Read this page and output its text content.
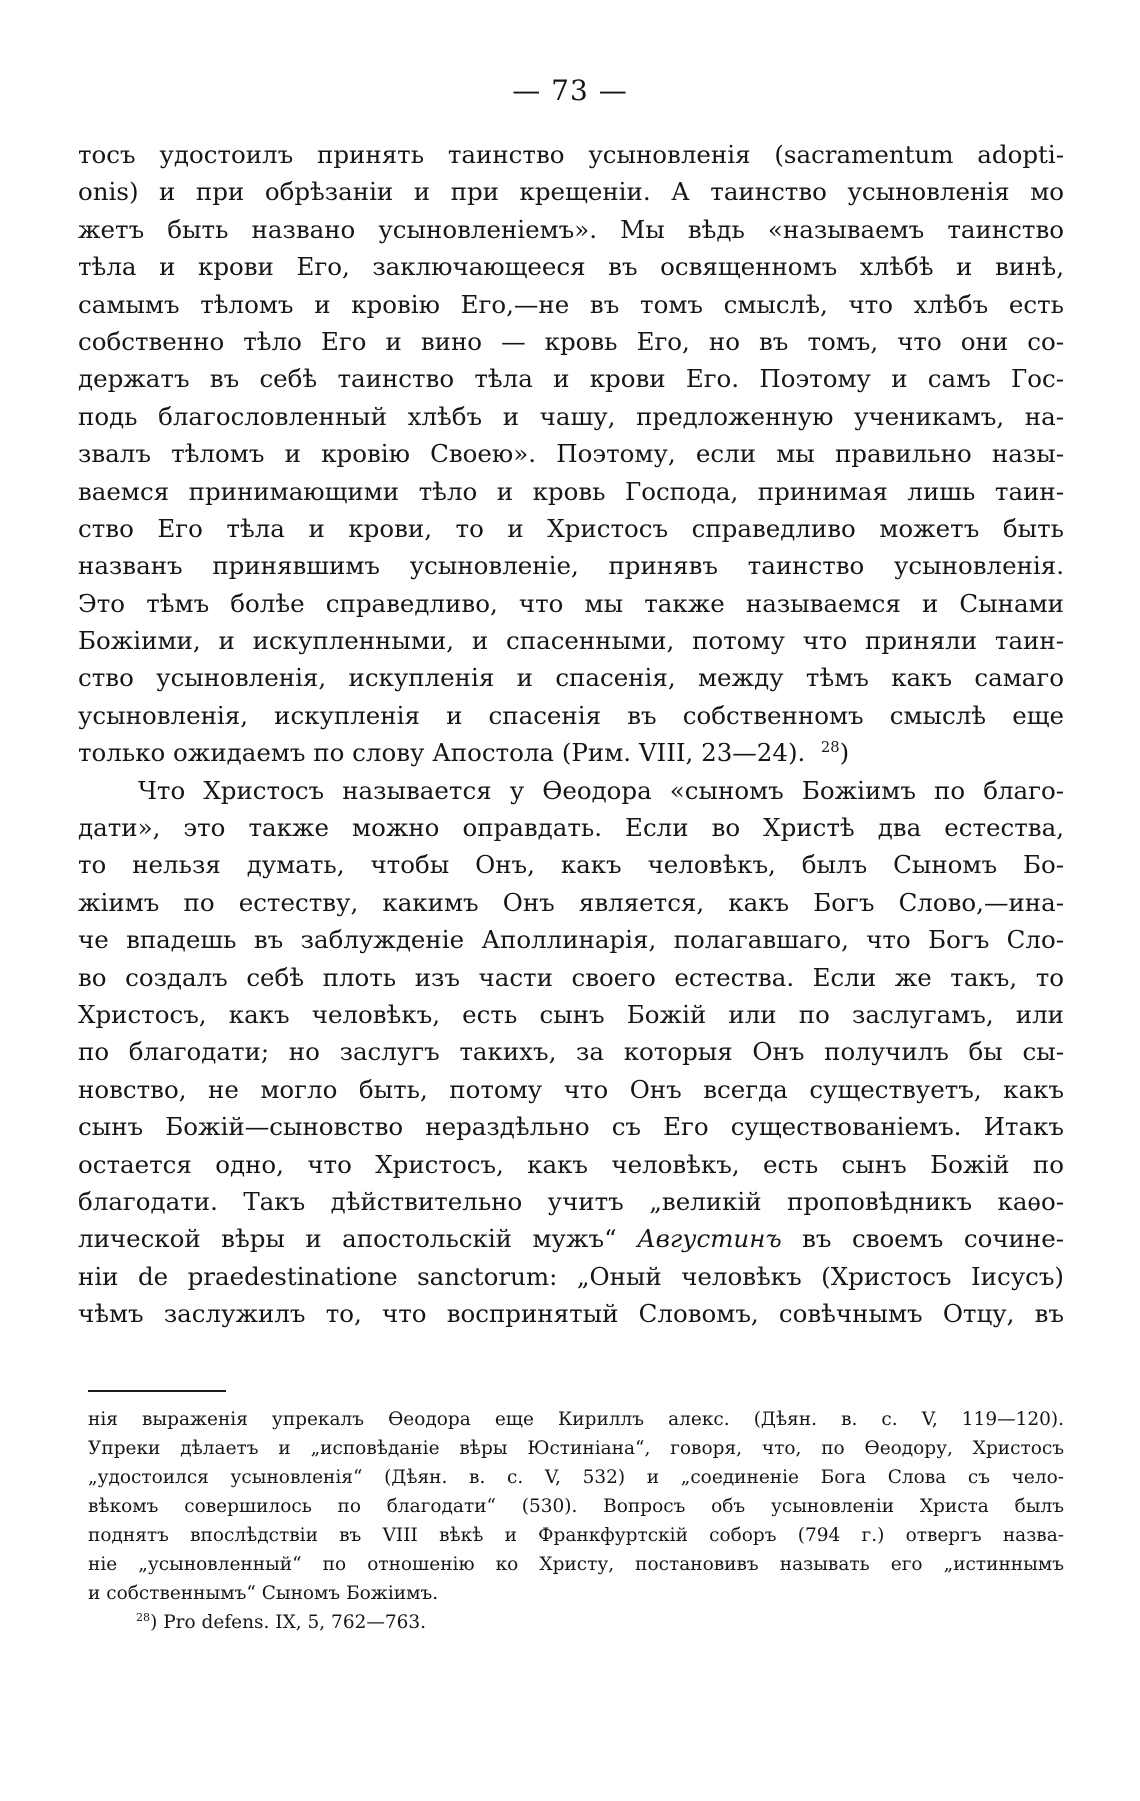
— 73 —
тосъ удостоилъ принять таинство усыновленія (sacramentum adopti-
onis) и при обрѣзаніи и при крещеніи. А таинство усыновленія мо
жетъ быть названо усыновленіемъ». Мы вѣдь «называемъ таинство
тѣла и крови Его, заключающееся въ освященномъ хлѣбѣ и винѣ,
самымъ тѣломъ и кровію Его,—не въ томъ смыслѣ, что хлѣбъ есть
собственно тѣло Его и вино — кровь Его, но въ томъ, что они со-
держатъ въ себѣ таинство тѣла и крови Его. Поэтому и самъ Гос-
подь благословленный хлѣбъ и чашу, предложенную ученикамъ, на-
звалъ тѣломъ и кровію Своею». Поэтому, если мы правильно назы-
ваемся принимающими тѣло и кровь Господа, принимая лишь таин-
ство Его тѣла и крови, то и Христосъ справедливо можетъ быть
названъ принявшимъ усыновленіе, принявъ таинство усыновленія.
Это тѣмъ болѣе справедливо, что мы также называемся и Сынами
Божіими, и искупленными, и спасенными, потому что приняли таин-
ство усыновленія, искупленія и спасенія, между тѣмъ какъ самаго
усыновленія, искупленія и спасенія въ собственномъ смыслѣ еще
только ожидаемъ по слову Апостола (Рим. VIII, 23—24). $^{28}$)
Что Христосъ называется у Ѳеодора «сыномъ Божіимъ по благо-
дати», это также можно оправдать. Если во Христѣ два естества,
то нельзя думать, чтобы Онъ, какъ человѣкъ, былъ Сыномъ Бо-
жіимъ по естеству, какимъ Онъ является, какъ Богъ Слово,—ина-
че впадешь въ заблужденіе Аполлинарія, полагавшаго, что Богъ Сло-
во создалъ себѣ плоть изъ части своего естества. Если же такъ, то
Христосъ, какъ человѣкъ, есть сынъ Божій или по заслугамъ, или
по благодати; но заслугъ такихъ, за которыя Онъ получилъ бы сы-
новство, не могло быть, потому что Онъ всегда существуетъ, какъ
сынъ Божій—сыновство нераздѣльно съ Его существованіемъ. Итакъ
остается одно, что Христосъ, какъ человѣкъ, есть сынъ Божій по
благодати. Такъ дѣйствительно учитъ „великій проповѣдникъ каѳо-
лической вѣры и апостольскій мужъ“ Августинъ въ своемъ сочине-
ніи de praedestinatione sanctorum: „Оный человѣкъ (Христосъ Іисусъ)
чѣмъ заслужилъ то, что воспринятый Словомъ, совѣчнымъ Отцу, въ
нія выраженія упрекалъ Ѳеодора еще Кириллъ алекс. (Дѣян. в. с. V, 119—120).
Упреки дѣлаетъ и „исповѣданіе вѣры Юстиніана“, говоря, что, по Ѳеодору, Христосъ
„удостоился усыновленія“ (Дѣян. в. с. V, 532) и „соединеніе Бога Слова съ чело-
вѣкомъ совершилось по благодати“ (530). Вопросъ объ усыновленіи Христа былъ
поднятъ впослѣдствіи въ VIII вѣкѣ и Франкфуртскій соборъ (794 г.) отвергъ назва-
ніе „усыновленный“ по отношенію ко Христу, постановивъ называть его „истиннымъ
и собственнымъ“ Сыномъ Божіимъ.
$^{28}$) Pro defens. IX, 5, 762—763.
